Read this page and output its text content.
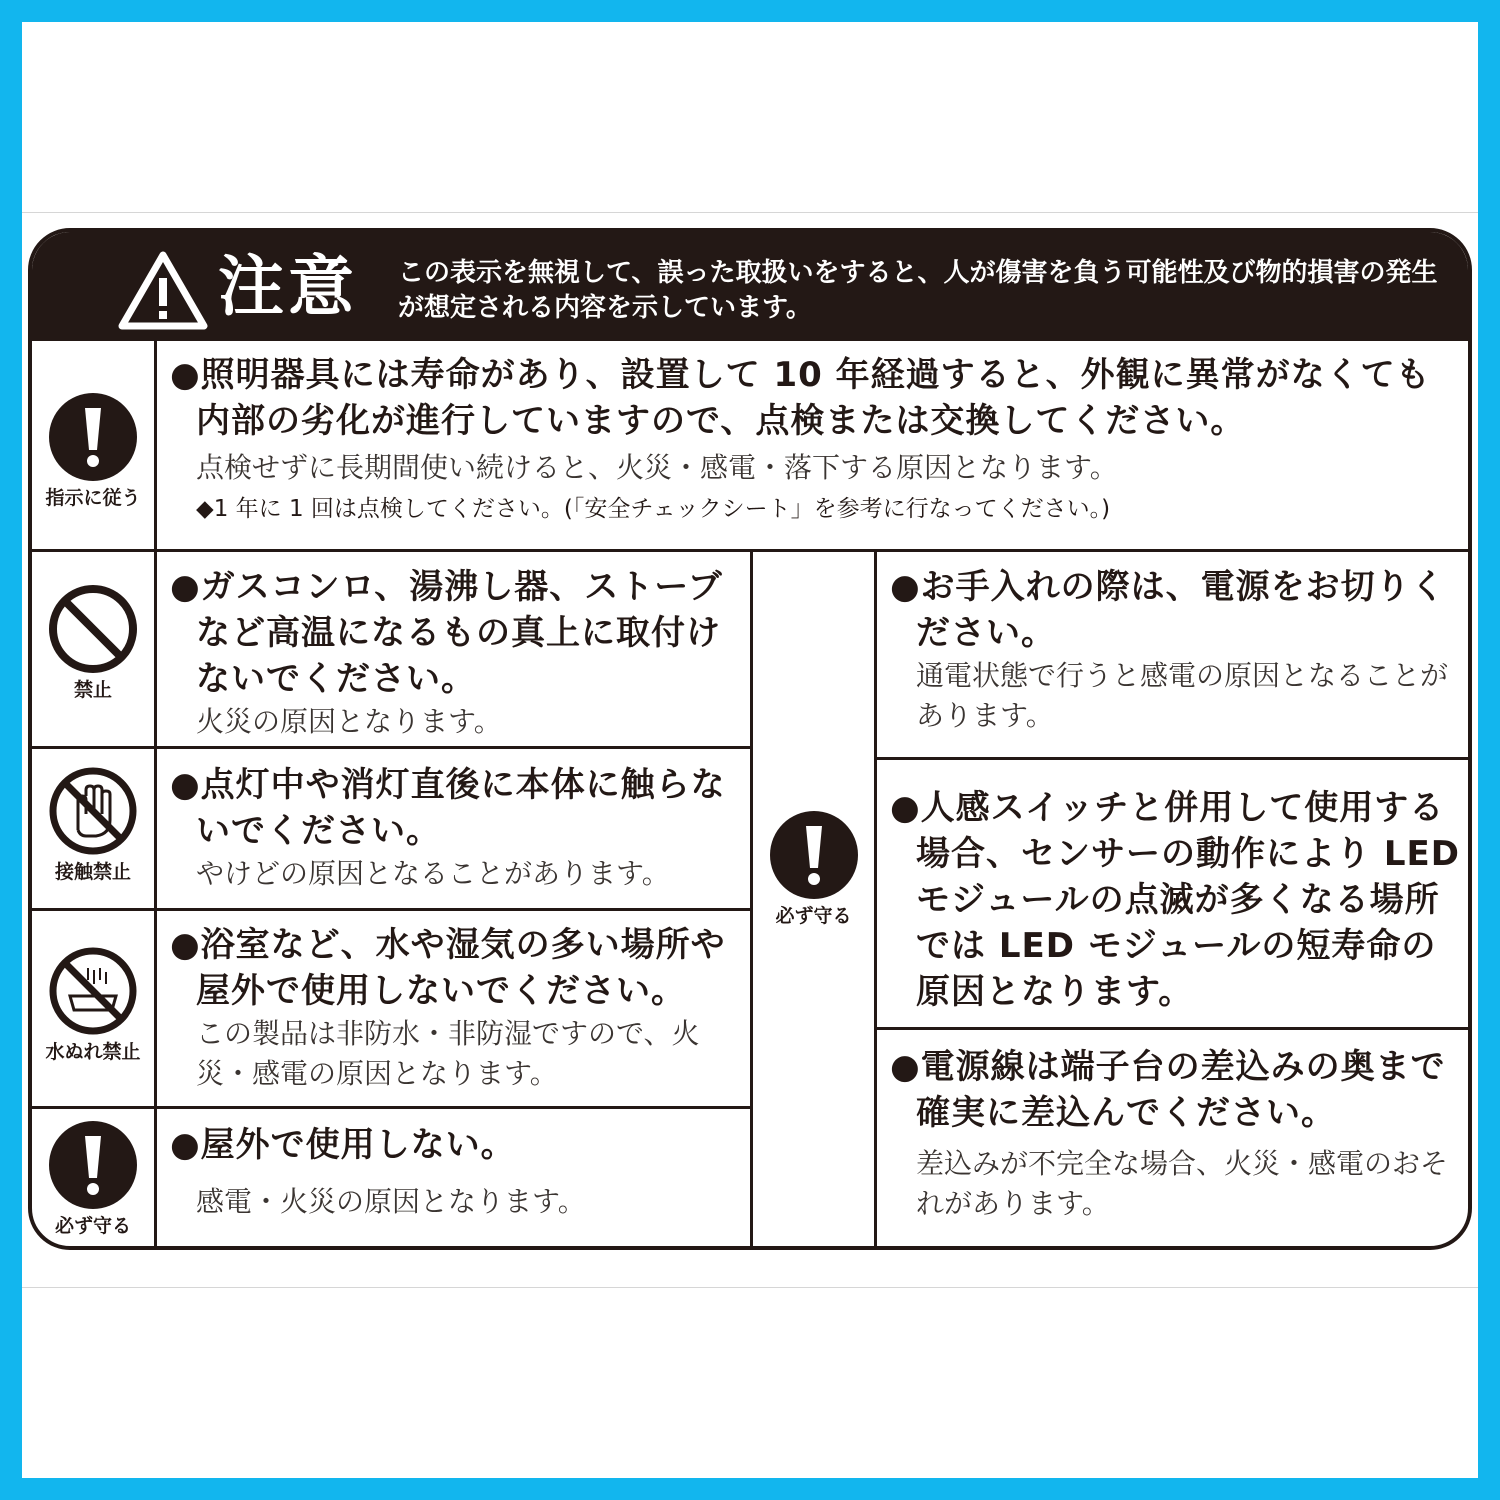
注意 この表示を無視して、誤った取扱いをすると、人が傷害を負う可能性及び物的損害の発生が想定される内容を示しています。
指示に従う
●照明器具には寿命があり、設置して 10 年経過すると、外観に異常がなくても内部の劣化が進行していますので、点検または交換してください。
点検せずに長期間使い続けると、火災・感電・落下する原因となります。
◆1 年に 1 回は点検してください。(「安全チェックシート」を参考に行なってください。)
禁止
●ガスコンロ、湯沸し器、ストーブなど高温になるもの真上に取付けないでください。
火災の原因となります。
接触禁止
●点灯中や消灯直後に本体に触らないでください。
やけどの原因となることがあります。
水ぬれ禁止
●浴室など、水や湿気の多い場所や屋外で使用しないでください。
この製品は非防水・非防湿ですので、火災・感電の原因となります。
必ず守る
●屋外で使用しない。
感電・火災の原因となります。
必ず守る
●お手入れの際は、電源をお切りください。
通電状態で行うと感電の原因となることがあります。
●人感スイッチと併用して使用する場合、センサーの動作により LED モジュールの点滅が多くなる場所では LED モジュールの短寿命の原因となります。
●電源線は端子台の差込みの奥まで確実に差込んでください。
差込みが不完全な場合、火災・感電のおそれがあります。
